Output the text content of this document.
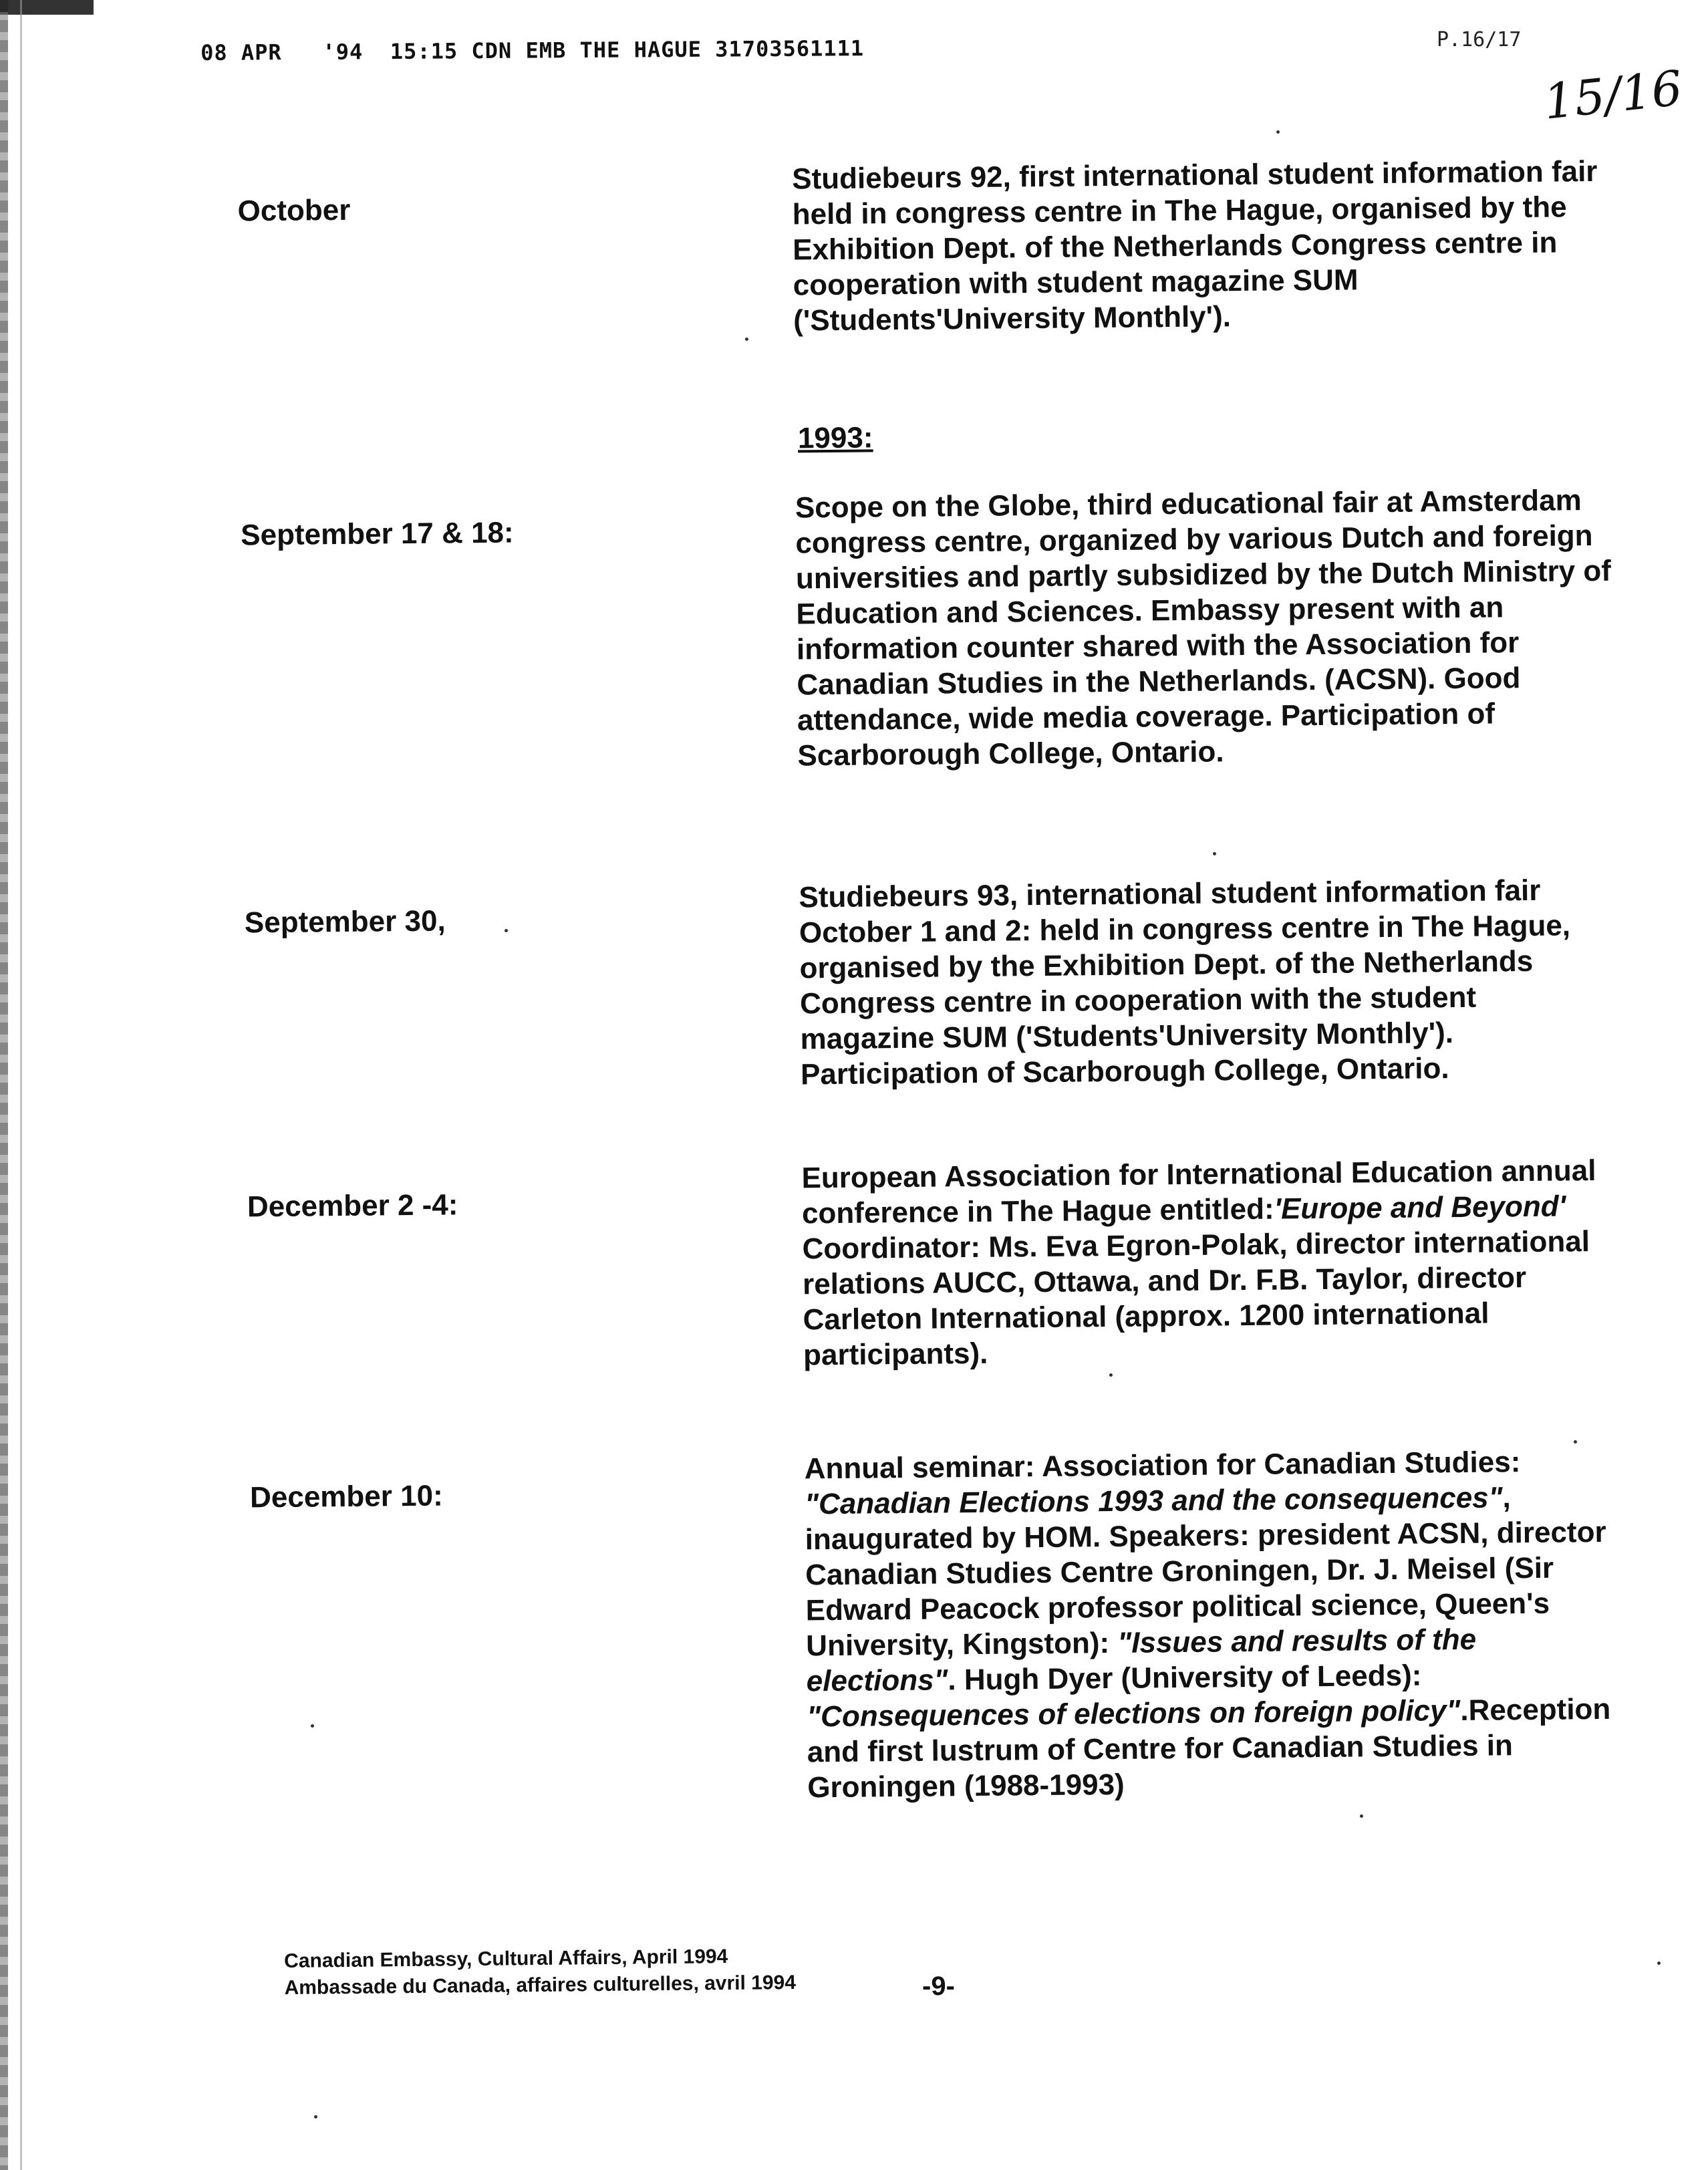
08 APR   '94  15:15 CDN EMB THE HAGUE 31703561111	P.16/17
15/16
October
Studiebeurs 92, first international student information fair held in congress centre in The Hague, organised by the Exhibition Dept. of the Netherlands Congress centre in cooperation with student magazine SUM ('Students'University Monthly').
1993:
September 17 & 18:
Scope on the Globe, third educational fair at Amsterdam congress centre, organized by various Dutch and foreign universities and partly subsidized by the Dutch Ministry of Education and Sciences. Embassy present with an information counter shared with the Association for Canadian Studies in the Netherlands. (ACSN). Good attendance, wide media coverage. Participation of Scarborough College, Ontario.
September 30,
Studiebeurs 93, international student information fair October 1 and 2: held in congress centre in The Hague, organised by the Exhibition Dept. of the Netherlands Congress centre in cooperation with the student magazine SUM ('Students'University Monthly'). Participation of Scarborough College, Ontario.
December 2 -4:
European Association for International Education annual conference in The Hague entitled:'Europe and Beyond' Coordinator: Ms. Eva Egron-Polak, director international relations AUCC, Ottawa, and Dr. F.B. Taylor, director Carleton International (approx. 1200 international participants).
December 10:
Annual seminar: Association for Canadian Studies: "Canadian Elections 1993 and the consequences", inaugurated by HOM. Speakers: president ACSN, director Canadian Studies Centre Groningen, Dr. J. Meisel (Sir Edward Peacock professor political science, Queen's University, Kingston): "Issues and results of the elections". Hugh Dyer (University of Leeds): "Consequences of elections on foreign policy".Reception and first lustrum of Centre for Canadian Studies in Groningen (1988-1993)
Canadian Embassy, Cultural Affairs, April 1994
Ambassade du Canada, affaires culturelles, avril 1994	-9-
